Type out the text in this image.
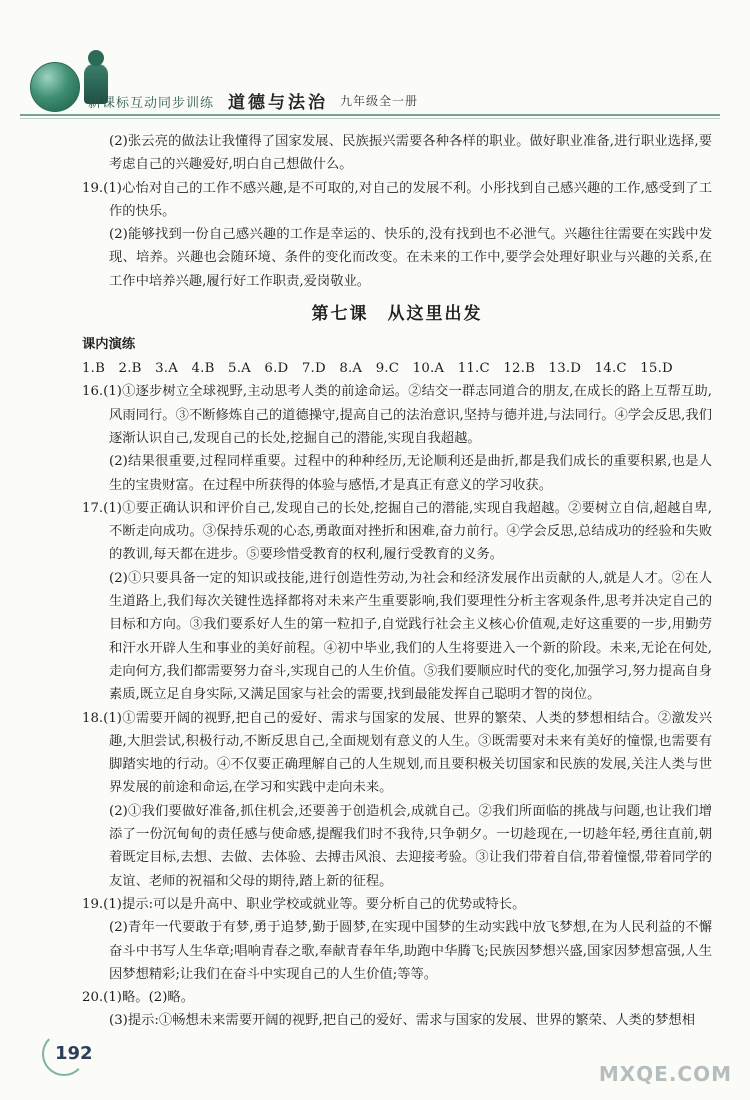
新课标互动同步训练 道德与法治 九年级全一册

(2)张云亮的做法让我懂得了国家发展、民族振兴需要各种各样的职业。做好职业准备,进行职业选择,要考虑自己的兴趣爱好,明白自己想做什么。

19.(1)心怡对自己的工作不感兴趣,是不可取的,对自己的发展不利。小彤找到自己感兴趣的工作,感受到了工作的快乐。

(2)能够找到一份自己感兴趣的工作是幸运的、快乐的,没有找到也不必泄气。兴趣往往需要在实践中发现、培养。兴趣也会随环境、条件的变化而改变。在未来的工作中,要学会处理好职业与兴趣的关系,在工作中培养兴趣,履行好工作职责,爱岗敬业。

第七课　从这里出发

课内演练

1.B　2.B　3.A　4.B　5.A　6.D　7.D　8.A　9.C　10.A　11.C　12.B　13.D　14.C　15.D

16.(1)①逐步树立全球视野,主动思考人类的前途命运。②结交一群志同道合的朋友,在成长的路上互帮互助,风雨同行。③不断修炼自己的道德操守,提高自己的法治意识,坚持与德并进,与法同行。④学会反思,我们逐渐认识自己,发现自己的长处,挖掘自己的潜能,实现自我超越。

(2)结果很重要,过程同样重要。过程中的种种经历,无论顺利还是曲折,都是我们成长的重要积累,也是人生的宝贵财富。在过程中所获得的体验与感悟,才是真正有意义的学习收获。

17.(1)①要正确认识和评价自己,发现自己的长处,挖掘自己的潜能,实现自我超越。②要树立自信,超越自卑,不断走向成功。③保持乐观的心态,勇敢面对挫折和困难,奋力前行。④学会反思,总结成功的经验和失败的教训,每天都在进步。⑤要珍惜受教育的权利,履行受教育的义务。

(2)①只要具备一定的知识或技能,进行创造性劳动,为社会和经济发展作出贡献的人,就是人才。②在人生道路上,我们每次关键性选择都将对未来产生重要影响,我们要理性分析主客观条件,思考并决定自己的目标和方向。③我们要系好人生的第一粒扣子,自觉践行社会主义核心价值观,走好这重要的一步,用勤劳和汗水开辟人生和事业的美好前程。④初中毕业,我们的人生将要进入一个新的阶段。未来,无论在何处,走向何方,我们都需要努力奋斗,实现自己的人生价值。⑤我们要顺应时代的变化,加强学习,努力提高自身素质,既立足自身实际,又满足国家与社会的需要,找到最能发挥自己聪明才智的岗位。

18.(1)①需要开阔的视野,把自己的爱好、需求与国家的发展、世界的繁荣、人类的梦想相结合。②激发兴趣,大胆尝试,积极行动,不断反思自己,全面规划有意义的人生。③既需要对未来有美好的憧憬,也需要有脚踏实地的行动。④不仅要正确理解自己的人生规划,而且要积极关切国家和民族的发展,关注人类与世界发展的前途和命运,在学习和实践中走向未来。

(2)①我们要做好准备,抓住机会,还要善于创造机会,成就自己。②我们所面临的挑战与问题,也让我们增添了一份沉甸甸的责任感与使命感,提醒我们时不我待,只争朝夕。一切趁现在,一切趁年轻,勇往直前,朝着既定目标,去想、去做、去体验、去搏击风浪、去迎接考验。③让我们带着自信,带着憧憬,带着同学的友谊、老师的祝福和父母的期待,踏上新的征程。

19.(1)提示:可以是升高中、职业学校或就业等。要分析自己的优势或特长。

(2)青年一代要敢于有梦,勇于追梦,勤于圆梦,在实现中国梦的生动实践中放飞梦想,在为人民利益的不懈奋斗中书写人生华章;唱响青春之歌,奉献青春年华,助跑中华腾飞;民族因梦想兴盛,国家因梦想富强,人生因梦想精彩;让我们在奋斗中实现自己的人生价值;等等。

20.(1)略。(2)略。

(3)提示:①畅想未来需要开阔的视野,把自己的爱好、需求与国家的发展、世界的繁荣、人类的梦想相

192
MXQE.COM
